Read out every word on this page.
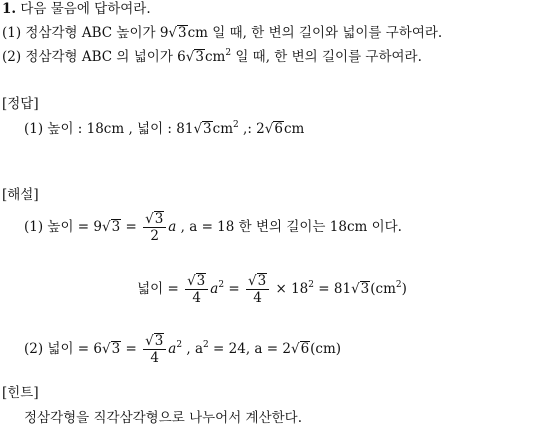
1. 다음 물음에 답하여라.
(1) 정삼각형 ABC 높이가 9√3cm 일 때, 한 변의 길이와 넓이를 구하여라.
(2) 정삼각형 ABC 의 넓이가 $6√3cm^2$ 일 때, 한 변의 길이를 구하여라.
[정답]
(1) 높이 : 18cm , 넓이 : $81√3cm^2$ ,: 2√6cm
[해설]
(1) 높이 = $9√3 = \frac{√3}{2}$ a , a = 18 한 변의 길이는 18cm 이다.
넓이 = $\frac{√3}{4} a^2 = \frac{√3}{4} \times 18^2 = 81√3(cm^2)$
(2) 넓이 = $6√3 = \frac{√3}{4} a^2$ , $a^2 = 24$, a = 2√6(cm)
[힌트]
정삼각형을 직각삼각형으로 나누어서 계산한다.
